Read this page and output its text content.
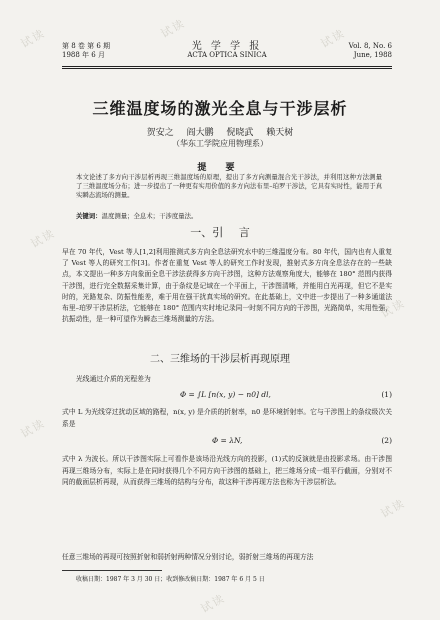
试读	试读	试读
试读
试读
试读
试读
试读
第 8 卷 第 6 期
1988 年 6 月
光 学 学 报
ACTA OPTICA SINICA
Vol. 8, No. 6
June, 1988
三维温度场的激光全息与干涉层析
贺安之 阎大鹏 倪晓武 赖天树
（华东工学院应用物理系）
提 要
本文论述了多方向干涉层析再现三维温度场的原理，提出了多方向测量混合光干涉法，并利用这种方法测量了三维温度场分布；进一步提出了一种更有实用价值的多方向法布里–珀罗干涉法，它具有实时性，能用于真实瞬态流场的测量。
关键词：温度测量；全息术；干涉度量法。
一、引 言
早在 70 年代，Vest 等人[1,2]利用推测式多方向全息法研究水中的三维温度分布。80 年代，国内也有人重复了 Vest 等人的研究工作[3]。作者在重复 Vest 等人的研究工作时发现，推射式多方向全息法存在的一些缺点，本文提出一种多方向象面全息干涉法获得多方向干涉图，这种方法观察角度大，能够在 180° 范围内获得干涉图，进行完全数据采集计算，由于条纹是记域在一个平面上，干涉图清晰，并能用白光再现，但它不是实时的，光路复杂、防振性能差，难于用在强干扰真实场的研究。在此基础上，文中进一步提出了一种多通道法布里–珀罗干涉层析法，它能够在 180° 范围内实时地记录同一时刻不同方向的干涉图，光路简单，实用性强，抗振动性，是一种可望作为瞬态三维场测量的方法。
二、三维场的干涉层析再现原理
光线通过介质的光程差为
Φ = ∫L [n(x, y) − n0] dl,	(1)
式中 L 为光线穿过扰动区域的路程，n(x, y) 是介质的折射率，n0 是环境折射率。它与干涉图上的条纹级次关系是
Φ = λN,	(2)
式中 λ 为波长。所以干涉图实际上可看作是该场沿光线方向的投影，(1)式的反演就是由投影求场。由干涉图再现三维场分布，实际上是在同时获得几个不同方向干涉图的基础上，把三维场分成一组平行截面，分别对不同的截面层析再现，从而获得三维场的结构与分布，故这种干涉再现方法也称为干涉层析法。
任意三维场的再现可按照折射和弱折射两种情况分别讨论，弱折射三维场的再现方法
收稿日期：1987 年 3 月 30 日；收到修改稿日期：1987 年 6 月 5 日
